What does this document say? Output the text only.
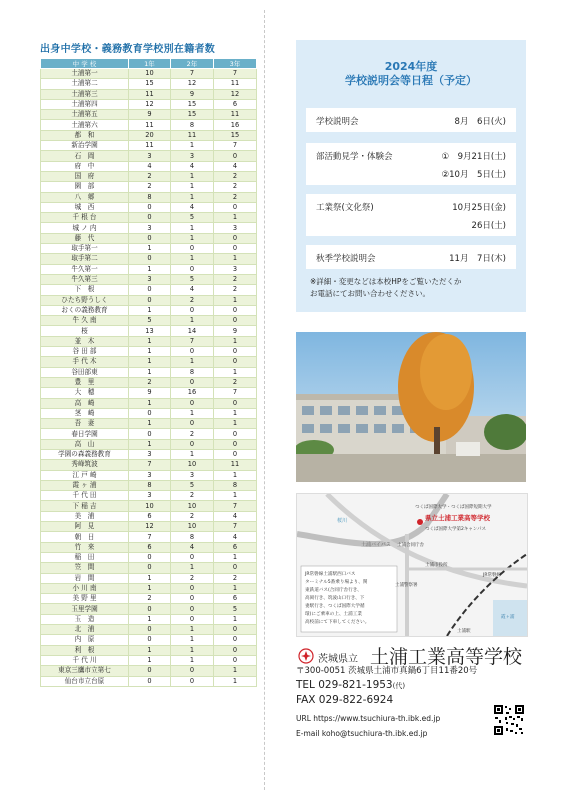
出身中学校・義務教育学校別在籍者数
中 学 校	1年	2年	3年
土浦第一	10	7	7
土浦第二	15	12	11
土浦第三	11	9	12
土浦第四	12	15	6
土浦第五	9	15	11
土浦第六	11	8	16
都　和	20	11	15
新治学園	11	1	7
石　岡	3	3	0
府　中	4	4	4
国　府	2	1	2
園　部	2	1	2
八　郷	8	1	2
城　西	0	4	0
千 根 台	0	5	1
城 ノ 内	3	1	3
藤　代	0	1	0
取手第一	1	0	0
取手第二	0	1	1
牛久第一	1	0	3
牛久第三	3	5	2
下　根	0	4	2
ひたち野うしく	0	2	1
おくの義務教育	1	0	0
牛 久 南	5	1	0
桜	13	14	9
並　木	1	7	1
谷 田 部	1	0	0
手 代 木	1	1	0
谷田部東	1	8	1
豊　里	2	0	2
大　穂	9	16	7
高　崎	1	0	0
茎　崎	0	1	1
吾　妻	1	0	1
春日学園	0	2	0
高　山	1	0	0
学園の森義務教育	3	1	0
秀峰筑波	7	10	11
江 戸 崎	3	3	1
霞 ヶ 浦	8	5	8
千 代 田	3	2	1
下 稲 吉	10	10	7
美　浦	6	2	4
阿　見	12	10	7
朝　日	7	8	4
竹　来	6	4	6
稲　田	0	0	1
笠　間	0	1	0
岩　間	1	2	2
小 川 南	1	0	1
美 野 里	2	0	6
玉里学園	0	0	5
玉　造	1	0	1
北　浦	0	1	0
内　原	0	1	0
利　根	1	1	0
千 代 川	1	1	0
東京三鷹市立第七	0	0	1
仙台市立台原	0	0	1
2024年度
学校説明会等日程（予定）
学校説明会	8月　6日(火)
部活動見学・体験会	①　9月21日(土)
②10月　5日(土)
工業祭(文化祭)	10月25日(金)
26日(土)
秋季学校説明会	11月　7日(木)
※詳細・変更などは本校HPをご覧いただくか
お電話にてお問い合わせください。
土浦バイパス
桜川
つくば国際大学・つくば国際短期大学
県立土浦工業高等学校
つくば国際大学第2キャンパス
土浦合同庁舎
土浦市役所
土浦警察署
JR常磐線
土浦駅
霞ヶ浦
JR常磐線土浦駅西口バス
ターミナル5番乗り場より、関
東鉄道バス(合同庁舎行き、
高岡行き、筑波山口行き、下
妻駅行き、つくば国際大学循
環)にご乗車の上、土浦工業
高校前にて下車してください。
茨城県立 土浦工業高等学校
〒300-0051 茨城県土浦市真鍋6丁目11番20号
TEL 029-821-1953(代)
FAX 029-822-6924
URL https://www.tsuchiura-th.ibk.ed.jp
E-mail koho@tsuchiura-th.ibk.ed.jp
